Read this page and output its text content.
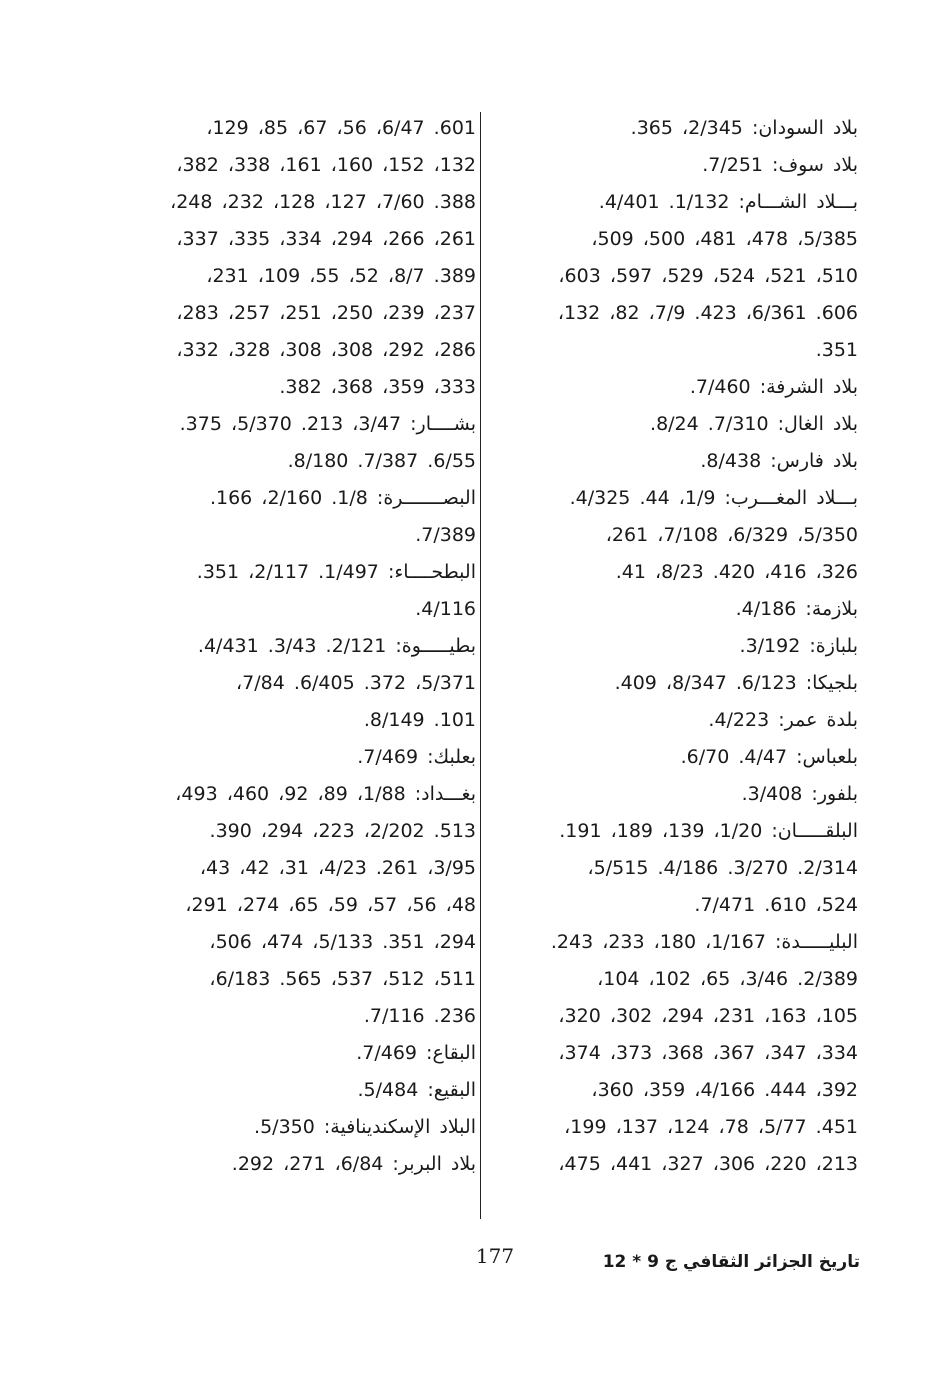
بلاد السودان: 2/345، 365.
بلاد سوف: 7/251.
بـــلاد الشـــام: 1/132. 4/401.
5/385، 478، 481، 500، 509،
510، 521، 524، 529، 597، 603،
606. 6/361، 423. 7/9، 82، 132،
351.
بلاد الشرفة: 7/460.
بلاد الغال: 7/310. 8/24.
بلاد فارس: 8/438.
بـــلاد المغـــرب: 1/9، 44. 4/325.
5/350، 6/329، 7/108، 261،
326، 416، 420. 8/23، 41.
بلازمة: 4/186.
بلبازة: 3/192.
بلجيكا: 6/123. 8/347، 409.
بلدة عمر: 4/223.
بلعباس: 4/47. 6/70.
بلفور: 3/408.
البلقـــــان: 1/20، 139، 189، 191.
2/314. 3/270. 4/186. 5/515،
524، 610. 7/471.
البليـــــدة: 1/167، 180، 233، 243.
2/389. 3/46، 65، 102، 104،
105، 163، 231، 294، 302، 320،
334، 347، 367، 368، 373، 374،
392، 444. 4/166، 359، 360،
451. 5/77، 78، 124، 137، 199،
213، 220، 306، 327، 441، 475،
601. 6/47، 56، 67، 85، 129،
132، 152، 160، 161، 338، 382،
388. 7/60، 127، 128، 232، 248،
261، 266، 294، 334، 335، 337،
389. 8/7، 52، 55، 109، 231،
237، 239، 250، 251، 257، 283،
286، 292، 308، 308، 328، 332،
333، 359، 368، 382.
بشــــار: 3/47، 213. 5/370، 375.
6/55. 7/387. 8/180.
البصـــــــرة: 1/8. 2/160، 166.
7/389.
البطحــــاء: 1/497. 2/117، 351.
4/116.
بطيـــــوة: 2/121. 3/43. 4/431.
5/371، 372. 6/405. 7/84،
101. 8/149.
بعلبك: 7/469.
بغـــداد: 1/88، 89، 92، 460، 493،
513. 2/202، 223، 294، 390.
3/95، 261. 4/23، 31، 42، 43،
48، 56، 57، 59، 65، 274، 291،
294، 351. 5/133، 474، 506،
511، 512، 537، 565. 6/183،
236. 7/116.
البقاع: 7/469.
البقيع: 5/484.
البلاد الإسكندينافية: 5/350.
بلاد البربر: 6/84، 271، 292.
177	تاريخ الجزائر الثقافي ج 9 * 12
